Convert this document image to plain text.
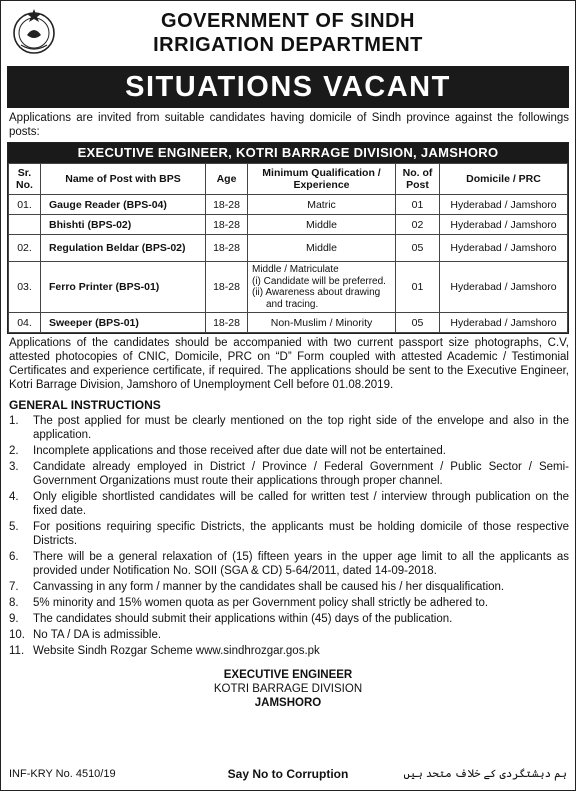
GOVERNMENT OF SINDH
IRRIGATION DEPARTMENT
SITUATIONS VACANT
Applications are invited from suitable candidates having domicile of Sindh province against the followings posts:
EXECUTIVE ENGINEER, KOTRI BARRAGE DIVISION, JAMSHORO
Sr. No.	Name of Post with BPS	Age	Minimum Qualification / Experience	No. of Post	Domicile / PRC
01.	Gauge Reader (BPS-04)	18-28	Matric	01	Hyderabad / Jamshoro
	Bhishti (BPS-02)	18-28	Middle	02	Hyderabad / Jamshoro
02.	Regulation Beldar (BPS-02)	18-28	Middle	05	Hyderabad / Jamshoro
03.	Ferro Printer (BPS-01)	18-28	Middle / Matriculate
(i) Candidate will be preferred.
(ii) Awareness about drawing
and tracing.	01	Hyderabad / Jamshoro
04.	Sweeper (BPS-01)	18-28	Non-Muslim / Minority	05	Hyderabad / Jamshoro
Applications of the candidates should be accompanied with two current passport size photographs, C.V, attested photocopies of CNIC, Domicile, PRC on “D” Form coupled with attested Academic / Testimonial Certificates and experience certificate, if required. The applications should be sent to the Executive Engineer, Kotri Barrage Division, Jamshoro of Unemployment Cell before 01.08.2019.
GENERAL INSTRUCTIONS
1. The post applied for must be clearly mentioned on the top right side of the envelope and also in the application.
2. Incomplete applications and those received after due date will not be entertained.
3. Candidate already employed in District / Province / Federal Government / Public Sector / Semi-Government Organizations must route their applications through proper channel.
4. Only eligible shortlisted candidates will be called for written test / interview through publication on the fixed date.
5. For positions requiring specific Districts, the applicants must be holding domicile of those respective Districts.
6. There will be a general relaxation of (15) fifteen years in the upper age limit to all the applicants as provided under Notification No. SOII (SGA & CD) 5-64/2011, dated 14-09-2018.
7. Canvassing in any form / manner by the candidates shall be caused his / her disqualification.
8. 5% minority and 15% women quota as per Government policy shall strictly be adhered to.
9. The candidates should submit their applications within (45) days of the publication.
10. No TA / DA is admissible.
11. Website Sindh Rozgar Scheme www.sindhrozgar.gos.pk
EXECUTIVE ENGINEER
KOTRI BARRAGE DIVISION
JAMSHORO
INF-KRY No. 4510/19	Say No to Corruption	ہم دہشتگردی کے خلاف متحد ہیں
